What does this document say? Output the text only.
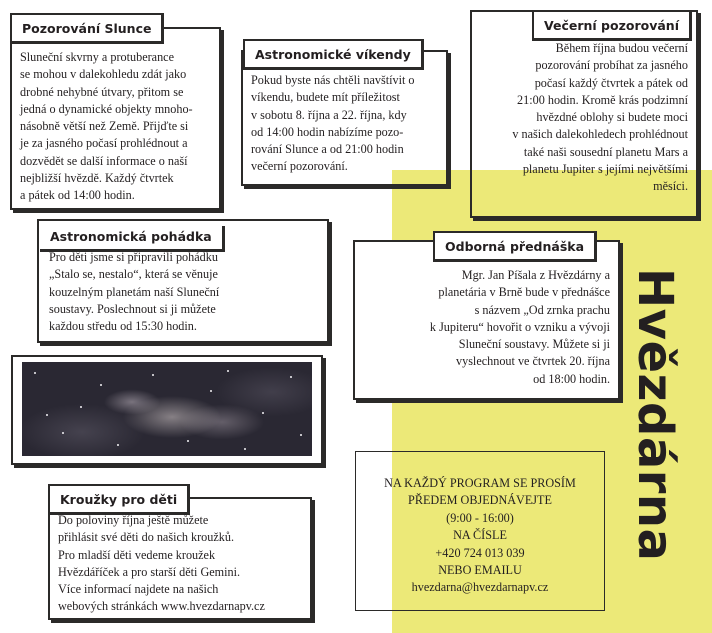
Pozorování Slunce
Sluneční skvrny a protuberance
se mohou v dalekohledu zdát jako
drobné nehybné útvary, přitom se
jedná o dynamické objekty mnoho-
násobně větší než Země. Přijďte si
je za jasného počasí prohlédnout a
dozvědět se další informace o naší
nejbližší hvězdě. Každý čtvrtek
a pátek od 14:00 hodin.
Astronomické víkendy
Pokud byste nás chtěli navštívit o
víkendu, budete mít příležitost
v sobotu 8. října a 22. října, kdy
od 14:00 hodin nabízíme pozo-
rování Slunce a od 21:00 hodin
večerní pozorování.
Večerní pozorování
Během října budou večerní
pozorování probíhat za jasného
počasí každý čtvrtek a pátek od
21:00 hodin. Kromě krás podzimní
hvězdné oblohy si budete moci
v našich dalekohledech prohlédnout
také naši sousední planetu Mars a
planetu Jupiter s jejími největšími
měsíci.
Astronomická pohádka
Pro děti jsme si připravili pohádku
„Stalo se, nestalo“, která se věnuje
kouzelným planetám naší Sluneční
soustavy. Poslechnout si ji můžete
každou středu od 15:30 hodin.
Odborná přednáška
Mgr. Jan Píšala z Hvězdárny a
planetária v Brně bude v přednášce
s názvem „Od zrnka prachu
k Jupiteru“ hovořit o vzniku a vývoji
Sluneční soustavy. Můžete si ji
vyslechnout ve čtvrtek 20. října
od 18:00 hodin.
Kroužky pro děti
Do poloviny října ještě můžete
přihlásit své děti do našich kroužků.
Pro mladší děti vedeme kroužek
Hvězdáříček a pro starší děti Gemini.
Více informací najdete na našich
webových stránkách www.hvezdarnapv.cz
NA KAŽDÝ PROGRAM SE PROSÍM
PŘEDEM OBJEDNÁVEJTE
(9:00 - 16:00)
NA ČÍSLE
+420 724 013 039
NEBO EMAILU
hvezdarna@hvezdarnapv.cz
Hvězdárna
